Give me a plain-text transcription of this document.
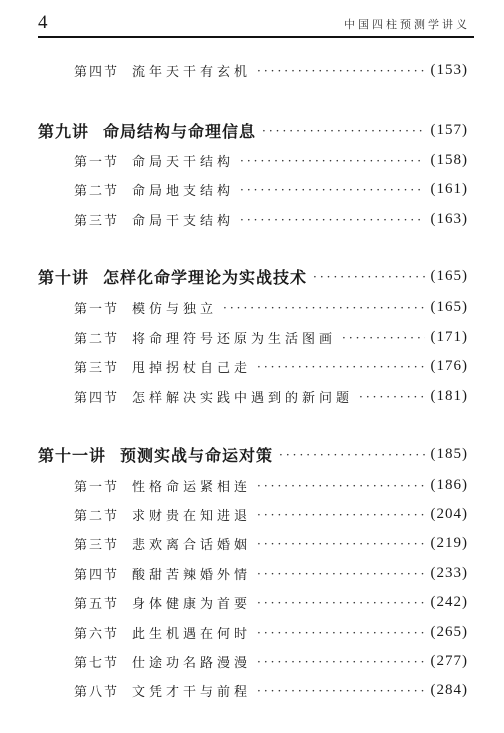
4	中国四柱预测学讲义
第四节 流年天干有玄机 ·····	(153)
第九讲 命局结构与命理信息 ·····	(157)
第一节 命局天干结构 ·····	(158)
第二节 命局地支结构 ·····	(161)
第三节 命局干支结构 ·····	(163)
第十讲 怎样化命学理论为实战技术 ·····	(165)
第一节 模仿与独立 ·····	(165)
第二节 将命理符号还原为生活图画 ·····	(171)
第三节 甩掉拐杖自己走 ·····	(176)
第四节 怎样解决实践中遇到的新问题 ·····	(181)
第十一讲 预测实战与命运对策 ·····	(185)
第一节 性格命运紧相连 ·····	(186)
第二节 求财贵在知进退 ·····	(204)
第三节 悲欢离合话婚姻 ·····	(219)
第四节 酸甜苦辣婚外情 ·····	(233)
第五节 身体健康为首要 ·····	(242)
第六节 此生机遇在何时 ·····	(265)
第七节 仕途功名路漫漫 ·····	(277)
第八节 文凭才干与前程 ·····	(284)
